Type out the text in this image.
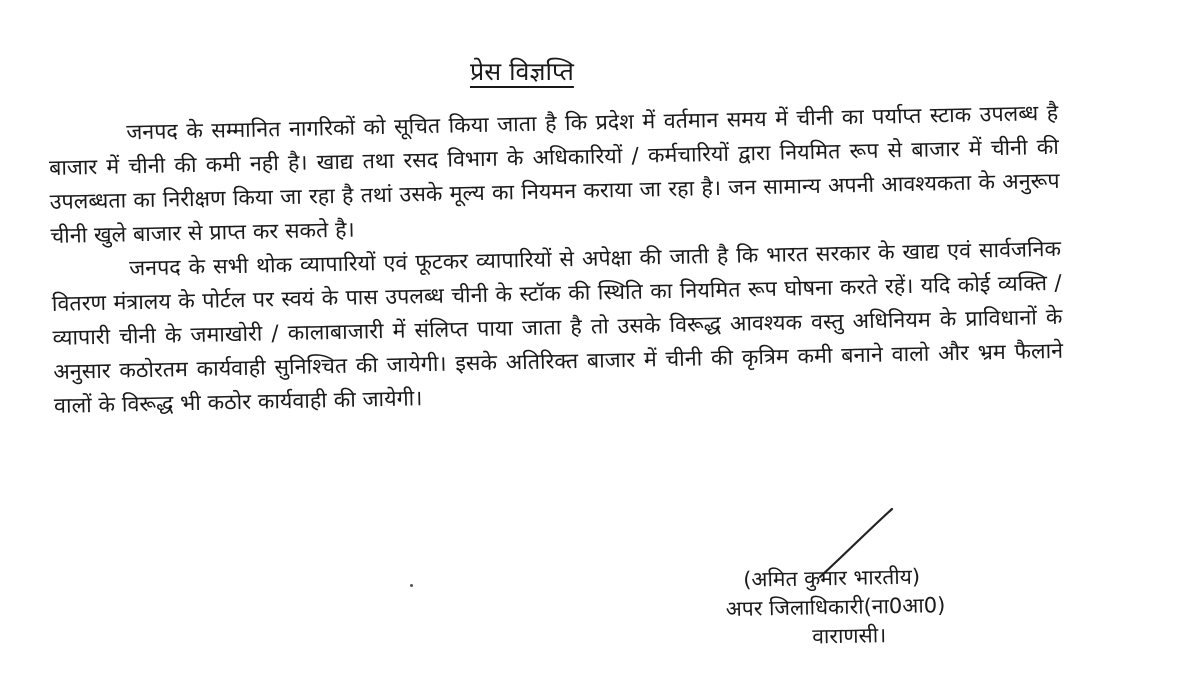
प्रेस विज्ञप्ति

जनपद के सम्मानित नागरिकों को सूचित किया जाता है कि प्रदेश में वर्तमान समय में चीनी का पर्याप्त स्टाक उपलब्ध है बाजार में चीनी की कमी नही है। खाद्य तथा रसद विभाग के अधिकारियों / कर्मचारियों द्वारा नियमित रूप से बाजार में चीनी की उपलब्धता का निरीक्षण किया जा रहा है तथां उसके मूल्य का नियमन कराया जा रहा है। जन सामान्य अपनी आवश्यकता के अनुरूप चीनी खुले बाजार से प्राप्त कर सकते है।

जनपद के सभी थोक व्यापारियों एवं फूटकर व्यापारियों से अपेक्षा की जाती है कि भारत सरकार के खाद्य एवं सार्वजनिक वितरण मंत्रालय के पोर्टल पर स्वयं के पास उपलब्ध चीनी के स्टॉक की स्थिति का नियमित रूप घोषना करते रहें। यदि कोई व्यक्ति / व्यापारी चीनी के जमाखोरी / कालाबाजारी में संलिप्त पाया जाता है तो उसके विरूद्ध आवश्यक वस्तु अधिनियम के प्राविधानों के अनुसार कठोरतम कार्यवाही सुनिश्चित की जायेगी। इसके अतिरिक्त बाजार में चीनी की कृत्रिम कमी बनाने वालो और भ्रम फैलाने वालों के विरूद्ध भी कठोर कार्यवाही की जायेगी।

(अमित कुमार भारतीय)
अपर जिलाधिकारी(ना0आ0)
वाराणसी।
